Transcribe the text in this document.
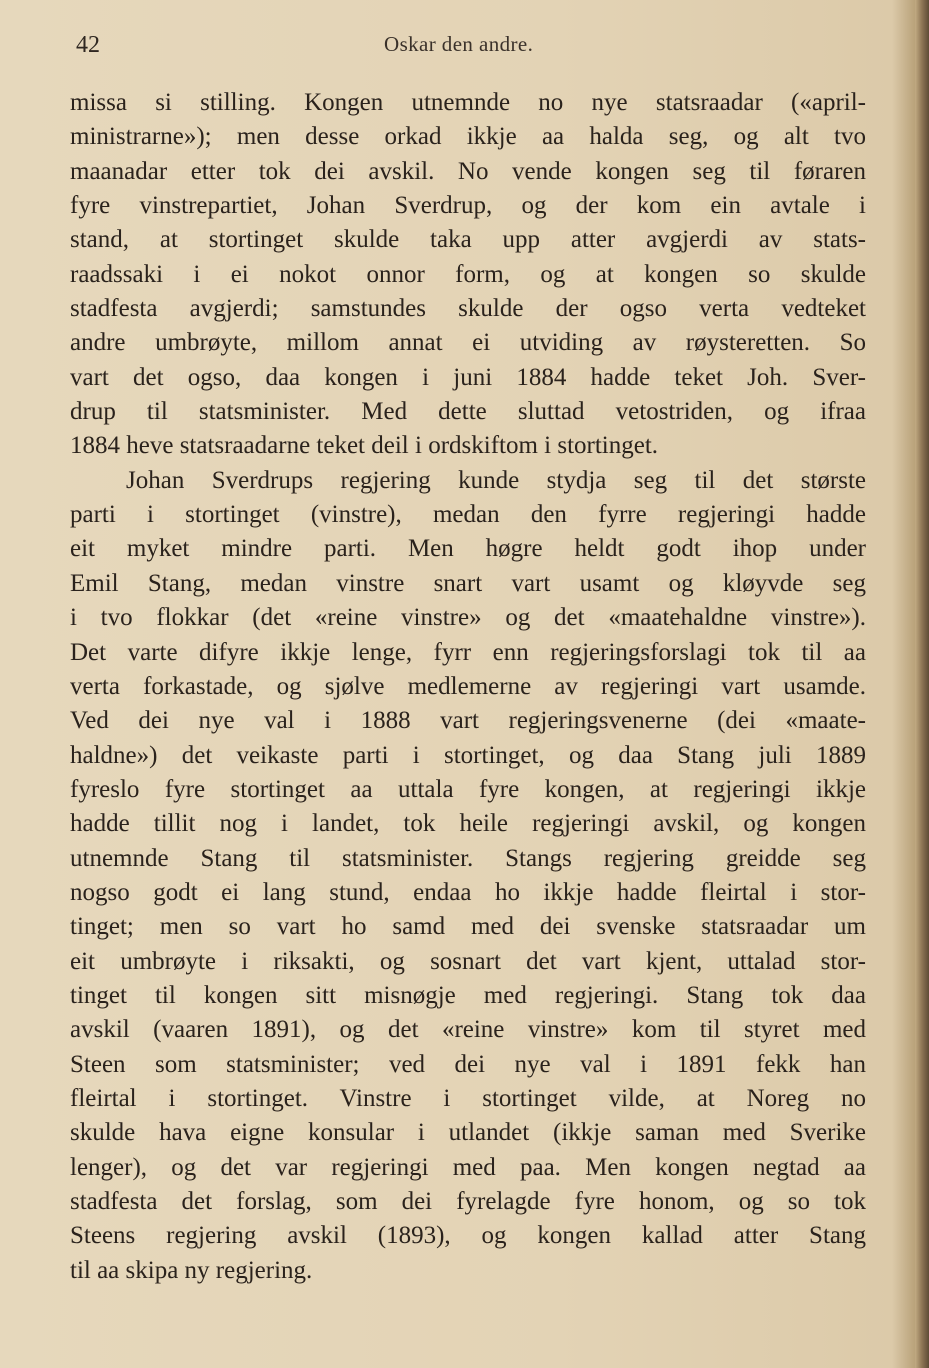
42	Oskar den andre.
missa si stilling. Kongen utnemnde no nye statsraadar («april-
ministrarne»); men desse orkad ikkje aa halda seg, og alt tvo
maanadar etter tok dei avskil. No vende kongen seg til føraren
fyre vinstrepartiet, Johan Sverdrup, og der kom ein avtale i
stand, at stortinget skulde taka upp atter avgjerdi av stats-
raadssaki i ei nokot onnor form, og at kongen so skulde
stadfesta avgjerdi; samstundes skulde der ogso verta vedteket
andre umbrøyte, millom annat ei utviding av røysteretten. So
vart det ogso, daa kongen i juni 1884 hadde teket Joh. Sver-
drup til statsminister. Med dette sluttad vetostriden, og ifraa
1884 heve statsraadarne teket deil i ordskiftom i stortinget.
Johan Sverdrups regjering kunde stydja seg til det største
parti i stortinget (vinstre), medan den fyrre regjeringi hadde
eit myket mindre parti. Men høgre heldt godt ihop under
Emil Stang, medan vinstre snart vart usamt og kløyvde seg
i tvo flokkar (det «reine vinstre» og det «maatehaldne vinstre»).
Det varte difyre ikkje lenge, fyrr enn regjeringsforslagi tok til aa
verta forkastade, og sjølve medlemerne av regjeringi vart usamde.
Ved dei nye val i 1888 vart regjeringsvenerne (dei «maate-
haldne») det veikaste parti i stortinget, og daa Stang juli 1889
fyreslo fyre stortinget aa uttala fyre kongen, at regjeringi ikkje
hadde tillit nog i landet, tok heile regjeringi avskil, og kongen
utnemnde Stang til statsminister. Stangs regjering greidde seg
nogso godt ei lang stund, endaa ho ikkje hadde fleirtal i stor-
tinget; men so vart ho samd med dei svenske statsraadar um
eit umbrøyte i riksakti, og sosnart det vart kjent, uttalad stor-
tinget til kongen sitt misnøgje med regjeringi. Stang tok daa
avskil (vaaren 1891), og det «reine vinstre» kom til styret med
Steen som statsminister; ved dei nye val i 1891 fekk han
fleirtal i stortinget. Vinstre i stortinget vilde, at Noreg no
skulde hava eigne konsular i utlandet (ikkje saman med Sverike
lenger), og det var regjeringi med paa. Men kongen negtad aa
stadfesta det forslag, som dei fyrelagde fyre honom, og so tok
Steens regjering avskil (1893), og kongen kallad atter Stang
til aa skipa ny regjering.
